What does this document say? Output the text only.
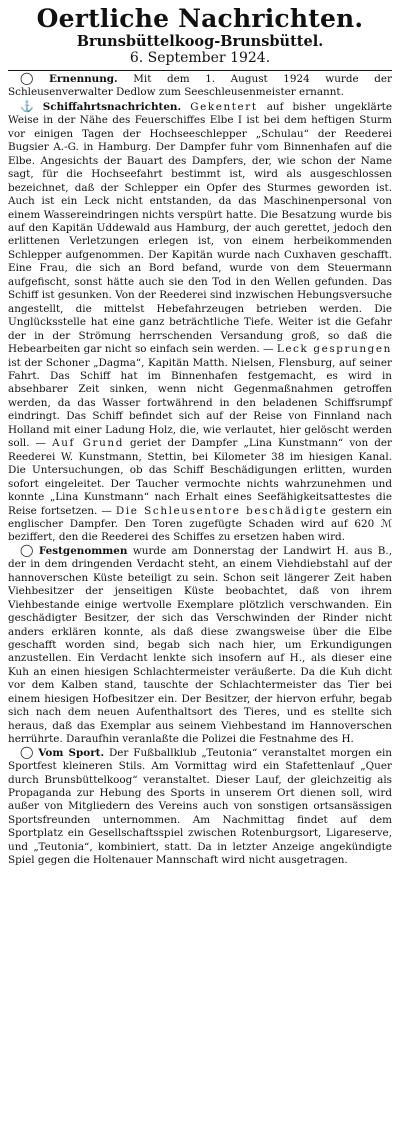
Oertliche Nachrichten.
Brunsbüttelkoog-Brunsbüttel.
6. September 1924.

◯ Ernennung. Mit dem 1. August 1924 wurde der Schleusenverwalter Dedlow zum Seeschleusenmeister ernannt.

⚓ Schiffahrtsnachrichten. Gekentert auf bisher ungeklärte Weise in der Nähe des Feuerschiffes Elbe I ist bei dem heftigen Sturm vor einigen Tagen der Hochseeschlepper „Schulau“ der Reederei Bugsier A.-G. in Hamburg. Der Dampfer fuhr vom Binnenhafen auf die Elbe. Angesichts der Bauart des Dampfers, der, wie schon der Name sagt, für die Hochseefahrt bestimmt ist, wird als ausgeschlossen bezeichnet, daß der Schlepper ein Opfer des Sturmes geworden ist. Auch ist ein Leck nicht entstanden, da das Maschinenpersonal von einem Wassereindringen nichts verspürt hatte. Die Besatzung wurde bis auf den Kapitän Uddewald aus Hamburg, der auch gerettet, jedoch den erlittenen Verletzungen erlegen ist, von einem herbeikommenden Schlepper aufgenommen. Der Kapitän wurde nach Cuxhaven geschafft. Eine Frau, die sich an Bord befand, wurde von dem Steuermann aufgefischt, sonst hätte auch sie den Tod in den Wellen gefunden. Das Schiff ist gesunken. Von der Reederei sind inzwischen Hebungsversuche angestellt, die mittelst Hebefahrzeugen betrieben werden. Die Unglücksstelle hat eine ganz beträchtliche Tiefe. Weiter ist die Gefahr der in der Strömung herrschenden Versandung groß, so daß die Hebearbeiten gar nicht so einfach sein werden. — Leck gesprungen ist der Schoner „Dagma“, Kapitän Matth. Nielsen, Flensburg, auf seiner Fahrt. Das Schiff hat im Binnenhafen festgemacht, es wird in absehbarer Zeit sinken, wenn nicht Gegenmaßnahmen getroffen werden, da das Wasser fortwährend in den beladenen Schiffsrumpf eindringt. Das Schiff befindet sich auf der Reise von Finnland nach Holland mit einer Ladung Holz, die, wie verlautet, hier gelöscht werden soll. — Auf Grund geriet der Dampfer „Lina Kunstmann“ von der Reederei W. Kunstmann, Stettin, bei Kilometer 38 im hiesigen Kanal. Die Untersuchungen, ob das Schiff Beschädigungen erlitten, wurden sofort eingeleitet. Der Taucher vermochte nichts wahrzunehmen und konnte „Lina Kunstmann“ nach Erhalt eines Seefähigkeitsattestes die Reise fortsetzen. — Die Schleusentore beschädigte gestern ein englischer Dampfer. Den Toren zugefügte Schaden wird auf 620 ℳ beziffert, den die Reederei des Schiffes zu ersetzen haben wird.

◯ Festgenommen wurde am Donnerstag der Landwirt H. aus B., der in dem dringenden Verdacht steht, an einem Viehdiebstahl auf der hannoverschen Küste beteiligt zu sein. Schon seit längerer Zeit haben Viehbesitzer der jenseitigen Küste beobachtet, daß von ihrem Viehbestande einige wertvolle Exemplare plötzlich verschwanden. Ein geschädigter Besitzer, der sich das Verschwinden der Rinder nicht anders erklären konnte, als daß diese zwangsweise über die Elbe geschafft worden sind, begab sich nach hier, um Erkundigungen anzustellen. Ein Verdacht lenkte sich insofern auf H., als dieser eine Kuh an einen hiesigen Schlachtermeister veräußerte. Da die Kuh dicht vor dem Kalben stand, tauschte der Schlachtermeister das Tier bei einem hiesigen Hofbesitzer ein. Der Besitzer, der hiervon erfuhr, begab sich nach dem neuen Aufenthaltsort des Tieres, und es stellte sich heraus, daß das Exemplar aus seinem Viehbestand im Hannoverschen herrührte. Daraufhin veranlaßte die Polizei die Festnahme des H.

◯ Vom Sport. Der Fußballklub „Teutonia“ veranstaltet morgen ein Sportfest kleineren Stils. Am Vormittag wird ein Stafettenlauf „Quer durch Brunsbüttelkoog“ veranstaltet. Dieser Lauf, der gleichzeitig als Propaganda zur Hebung des Sports in unserem Ort dienen soll, wird außer von Mitgliedern des Vereins auch von sonstigen ortsansässigen Sportsfreunden unternommen. Am Nachmittag findet auf dem Sportplatz ein Gesellschaftsspiel zwischen Rotenburgsort, Ligareserve, und „Teutonia“, kombiniert, statt. Da in letzter Anzeige angekündigte Spiel gegen die Holtenauer Mannschaft wird nicht ausgetragen.
